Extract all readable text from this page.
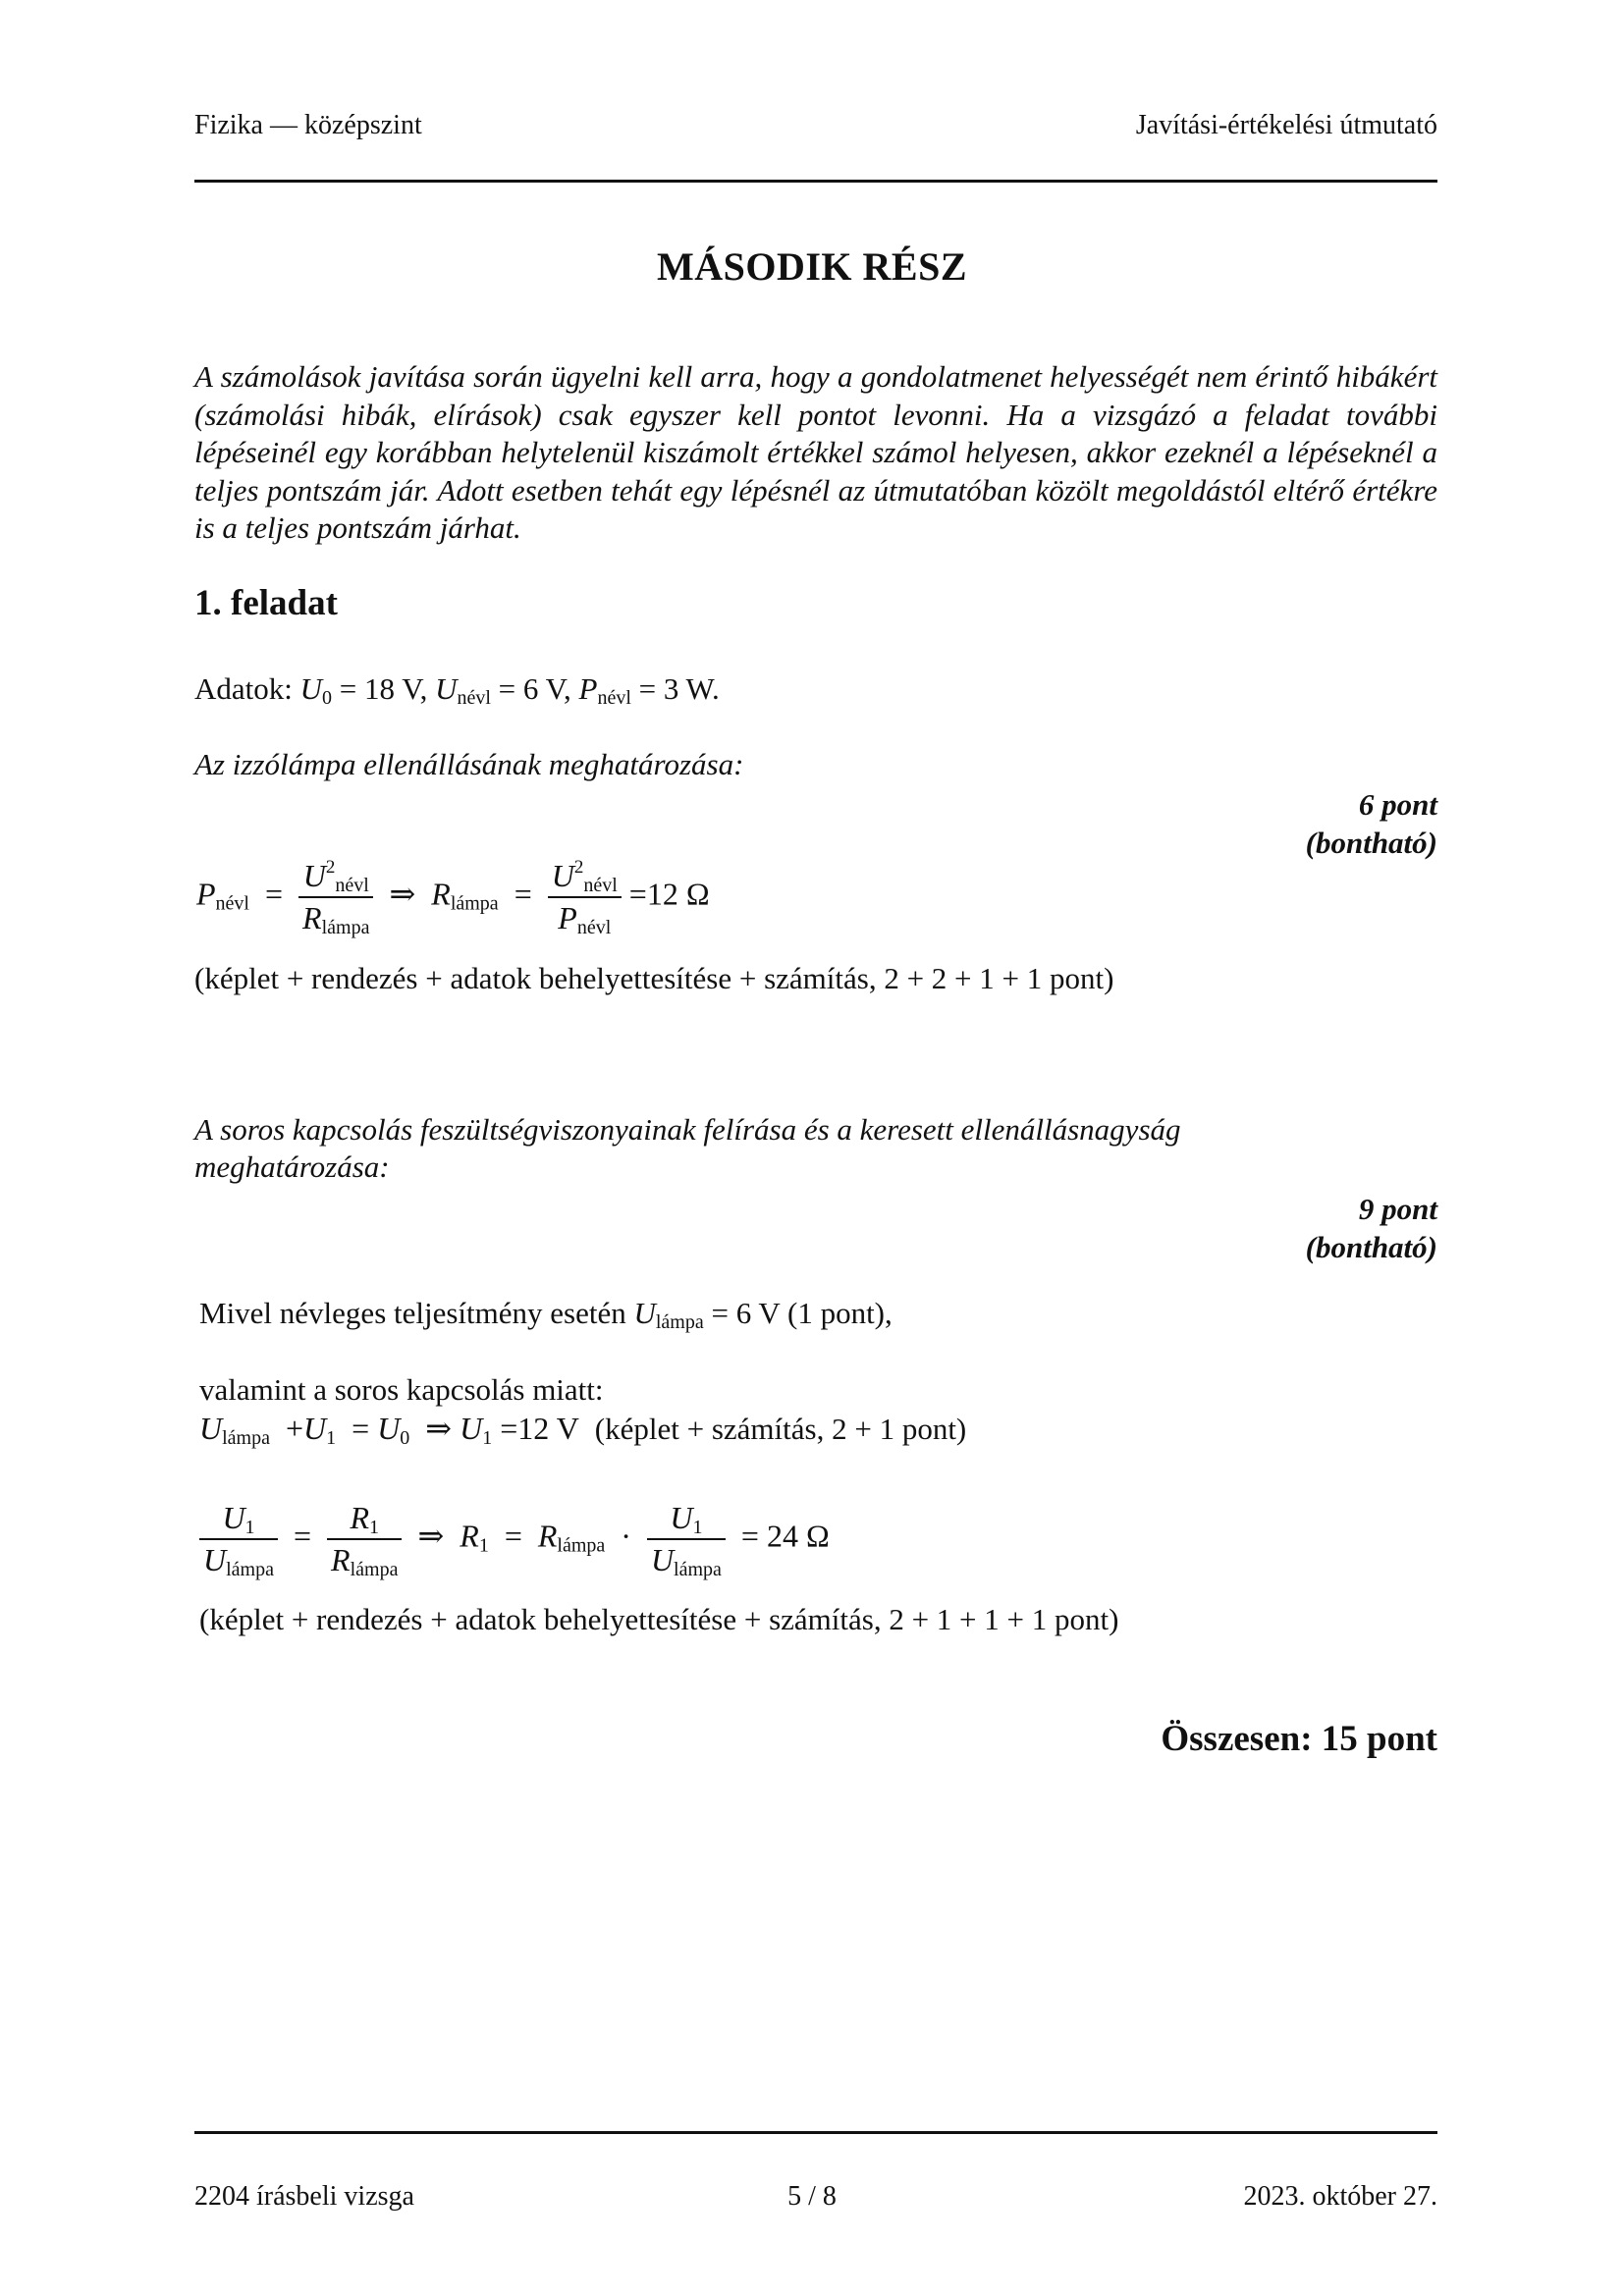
Fizika — középszint	Javítási-értékelési útmutató
MÁSODIK RÉSZ
A számolások javítása során ügyelni kell arra, hogy a gondolatmenet helyességét nem érintő hibákért (számolási hibák, elírások) csak egyszer kell pontot levonni. Ha a vizsgázó a feladat további lépéseinél egy korábban helytelenül kiszámolt értékkel számol helyesen, akkor ezeknél a lépéseknél a teljes pontszám jár. Adott esetben tehát egy lépésnél az útmutatóban közölt megoldástól eltérő értékre is a teljes pontszám járhat.
1. feladat
Adatok: $U_0 = 18$ V, $U_{névl} = 6$ V, $P_{névl} = 3$ W.
Az izzólámpa ellenállásának meghatározása:
6 pont
(bontható)
$P_{névl} = \frac{U^2_{névl}}{R_{lámpa}}$ ⇒  $R_{lámpa} = \frac{U^2_{névl}}{P_{névl}} =12$ Ω
(képlet + rendezés + adatok behelyettesítése + számítás, 2 + 2 + 1 + 1 pont)
A soros kapcsolás feszültségviszonyainak felírása és a keresett ellenállásnagyság meghatározása:
9 pont
(bontható)
Mivel névleges teljesítmény esetén $U_{lámpa} = 6$ V (1 pont),
valamint a soros kapcsolás miatt:
$U_{lámpa} +U_1 = U_0$  ⇒ $U_1 =12$ V (képlet + számítás, 2 + 1 pont)
$\frac{U_1}{U_{lámpa}} = \frac{R_1}{R_{lámpa}}$ ⇒  $R_1 = R_{lámpa} \cdot \frac{U_1}{U_{lámpa}} = 24$ Ω
(képlet + rendezés + adatok behelyettesítése + számítás, 2 + 1 + 1 + 1 pont)
Összesen: 15 pont
2204 írásbeli vizsga	5 / 8	2023. október 27.
